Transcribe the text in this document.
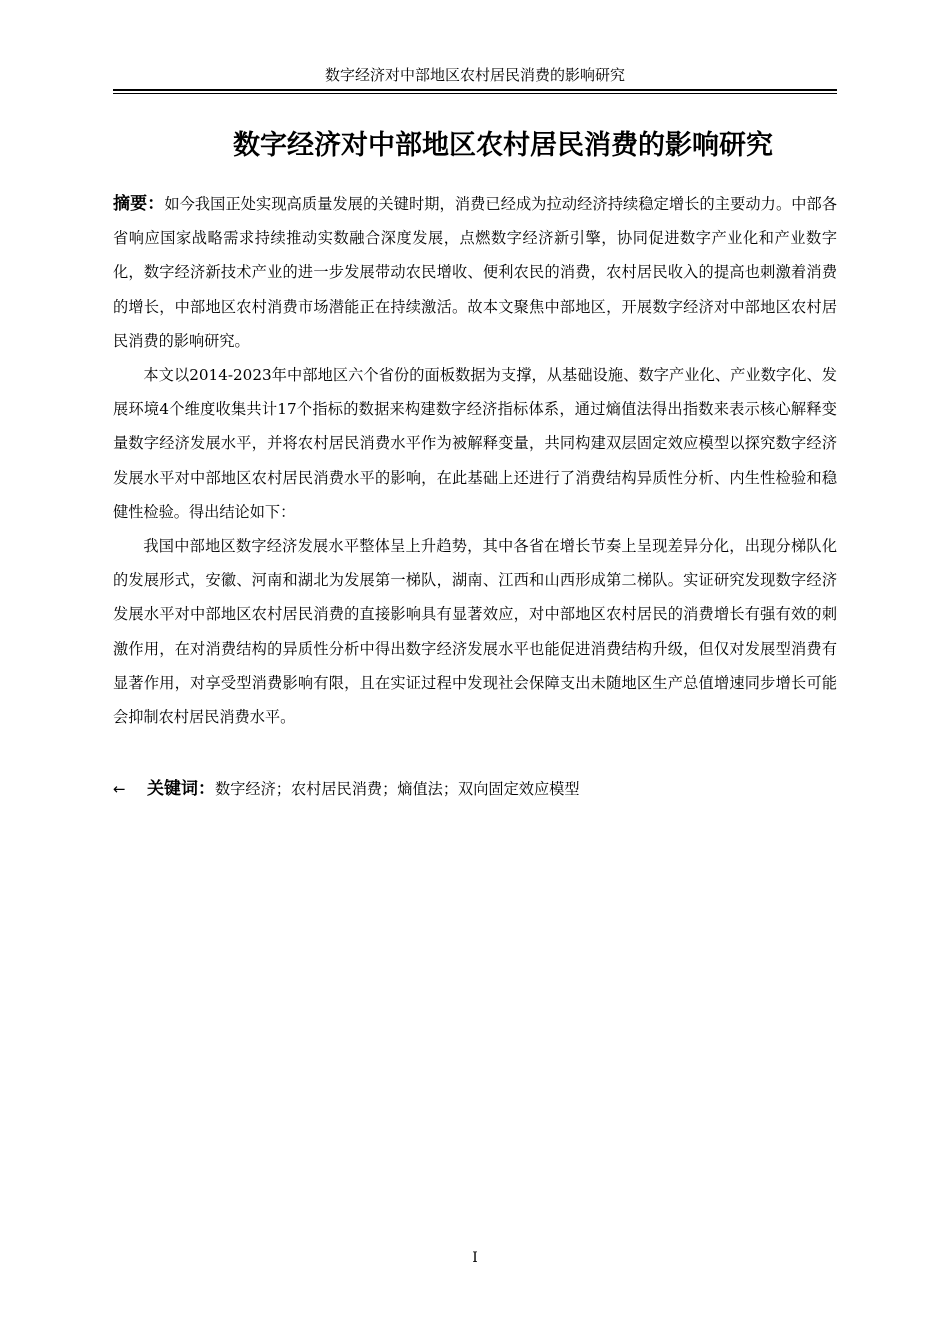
数字经济对中部地区农村居民消费的影响研究
数字经济对中部地区农村居民消费的影响研究

摘要：如今我国正处实现高质量发展的关键时期，消费已经成为拉动经济持续稳定增长的主要动力。中部各省响应国家战略需求持续推动实数融合深度发展，点燃数字经济新引擎，协同促进数字产业化和产业数字化，数字经济新技术产业的进一步发展带动农民增收、便利农民的消费，农村居民收入的提高也刺激着消费的增长，中部地区农村消费市场潜能正在持续激活。故本文聚焦中部地区，开展数字经济对中部地区农村居民消费的影响研究。

本文以2014-2023年中部地区六个省份的面板数据为支撑，从基础设施、数字产业化、产业数字化、发展环境4个维度收集共计17个指标的数据来构建数字经济指标体系，通过熵值法得出指数来表示核心解释变量数字经济发展水平，并将农村居民消费水平作为被解释变量，共同构建双层固定效应模型以探究数字经济发展水平对中部地区农村居民消费水平的影响，在此基础上还进行了消费结构异质性分析、内生性检验和稳健性检验。得出结论如下：

我国中部地区数字经济发展水平整体呈上升趋势，其中各省在增长节奏上呈现差异分化，出现分梯队化的发展形式，安徽、河南和湖北为发展第一梯队，湖南、江西和山西形成第二梯队。实证研究发现数字经济发展水平对中部地区农村居民消费的直接影响具有显著效应，对中部地区农村居民的消费增长有强有效的刺激作用，在对消费结构的异质性分析中得出数字经济发展水平也能促进消费结构升级，但仅对发展型消费有显著作用，对享受型消费影响有限，且在实证过程中发现社会保障支出未随地区生产总值增速同步增长可能会抑制农村居民消费水平。

← 关键词：数字经济；农村居民消费；熵值法；双向固定效应模型
I
